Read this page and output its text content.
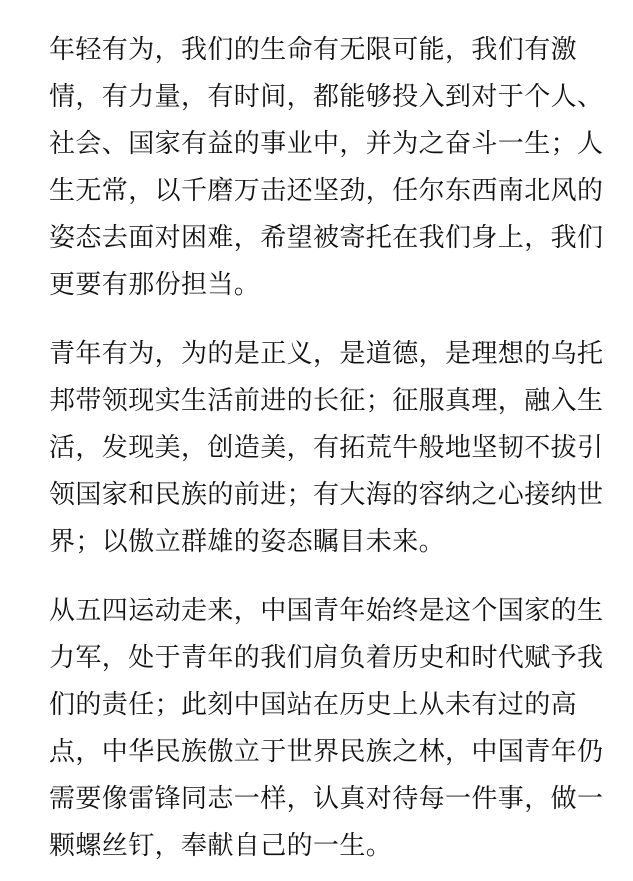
年轻有为，我们的生命有无限可能，我们有激
情，有力量，有时间，都能够投入到对于个人、
社会、国家有益的事业中，并为之奋斗一生；人
生无常，以千磨万击还坚劲，任尔东西南北风的
姿态去面对困难，希望被寄托在我们身上，我们
更要有那份担当。
青年有为，为的是正义，是道德，是理想的乌托
邦带领现实生活前进的长征；征服真理，融入生
活，发现美，创造美，有拓荒牛般地坚韧不拔引
领国家和民族的前进；有大海的容纳之心接纳世
界；以傲立群雄的姿态瞩目未来。
从五四运动走来，中国青年始终是这个国家的生
力军，处于青年的我们肩负着历史和时代赋予我
们的责任；此刻中国站在历史上从未有过的高
点，中华民族傲立于世界民族之林，中国青年仍
需要像雷锋同志一样，认真对待每一件事，做一
颗螺丝钉，奉献自己的一生。
